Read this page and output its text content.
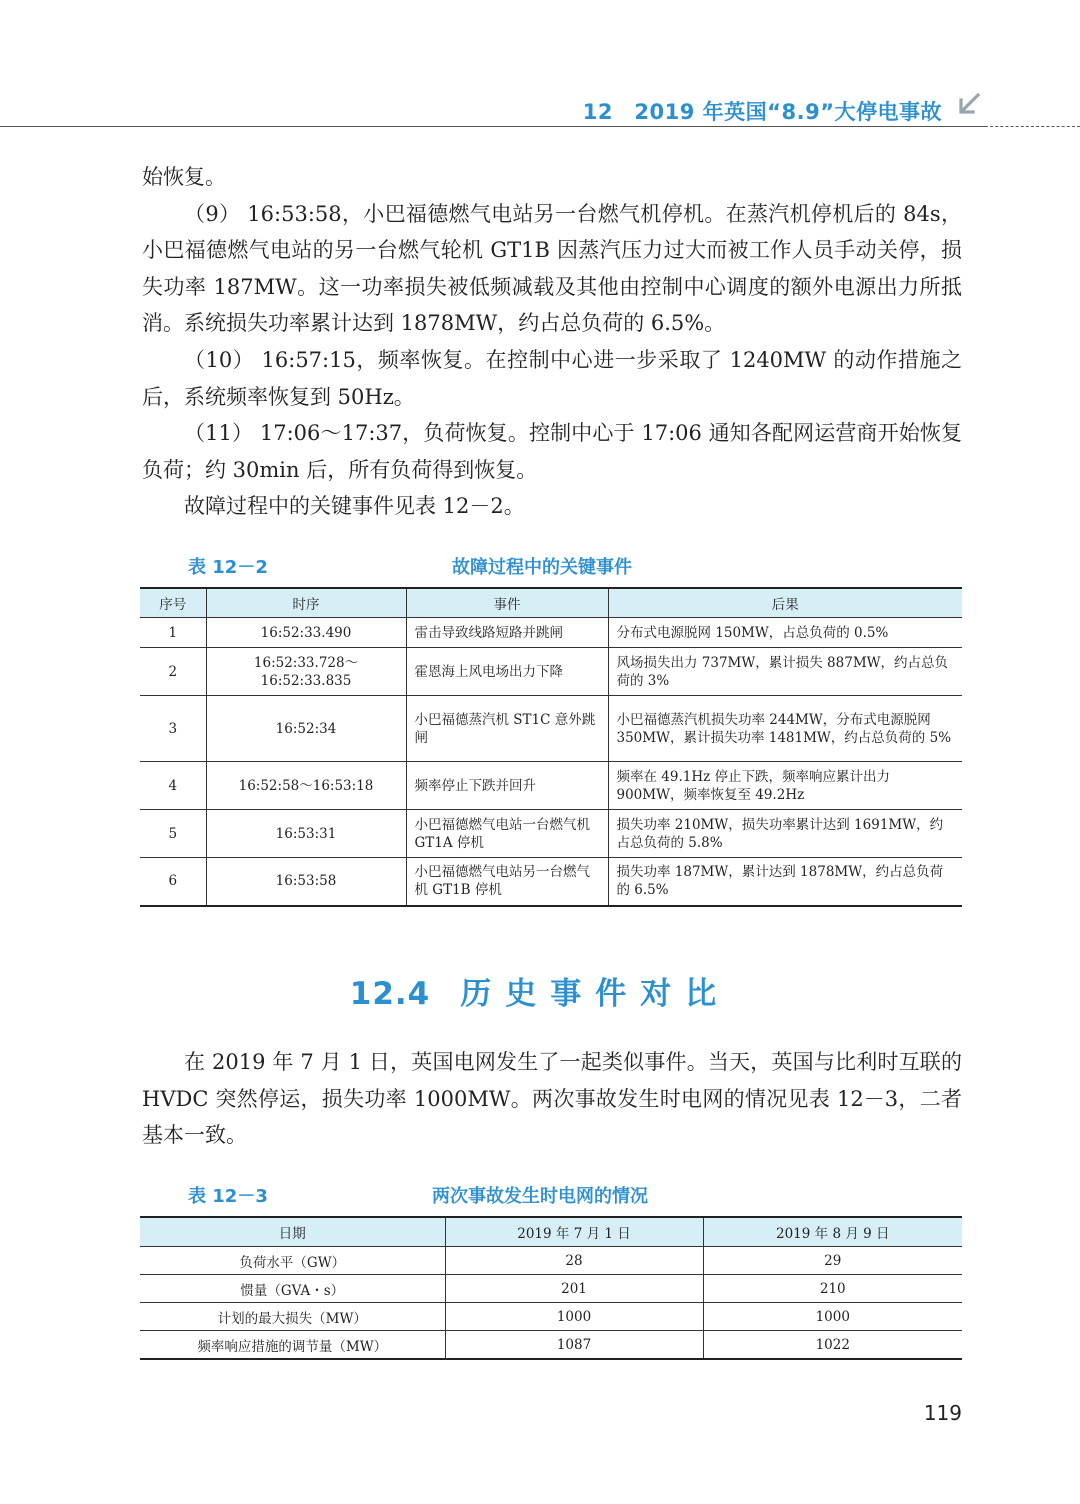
12　2019 年英国“8.9”大停电事故

始恢复。

（9） 16:53:58，小巴福德燃气电站另一台燃气机停机。在蒸汽机停机后的 84s，小巴福德燃气电站的另一台燃气轮机 GT1B 因蒸汽压力过大而被工作人员手动关停，损失功率 187MW。这一功率损失被低频减载及其他由控制中心调度的额外电源出力所抵消。系统损失功率累计达到 1878MW，约占总负荷的 6.5%。

（10） 16:57:15，频率恢复。在控制中心进一步采取了 1240MW 的动作措施之后，系统频率恢复到 50Hz。

（11） 17:06～17:37，负荷恢复。控制中心于 17:06 通知各配网运营商开始恢复负荷；约 30min 后，所有负荷得到恢复。

故障过程中的关键事件见表 12－2。

表 12－2	故障过程中的关键事件
序号	时序	事件	后果
1	16:52:33.490	雷击导致线路短路并跳闸	分布式电源脱网 150MW，占总负荷的 0.5%
2	16:52:33.728～16:52:33.835	霍恩海上风电场出力下降	风场损失出力 737MW，累计损失 887MW，约占总负荷的 3%
3	16:52:34	小巴福德蒸汽机 ST1C 意外跳闸	小巴福德蒸汽机损失功率 244MW，分布式电源脱网 350MW，累计损失功率 1481MW，约占总负荷的 5%
4	16:52:58～16:53:18	频率停止下跌并回升	频率在 49.1Hz 停止下跌，频率响应累计出力 900MW，频率恢复至 49.2Hz
5	16:53:31	小巴福德燃气电站一台燃气机 GT1A 停机	损失功率 210MW，损失功率累计达到 1691MW，约占总负荷的 5.8%
6	16:53:58	小巴福德燃气电站另一台燃气机 GT1B 停机	损失功率 187MW，累计达到 1878MW，约占总负荷的 6.5%
12.4 历史事件对比

在 2019 年 7 月 1 日，英国电网发生了一起类似事件。当天，英国与比利时互联的 HVDC 突然停运，损失功率 1000MW。两次事故发生时电网的情况见表 12－3，二者基本一致。

表 12－3	两次事故发生时电网的情况
日期	2019 年 7 月 1 日	2019 年 8 月 9 日
负荷水平（GW）	28	29
惯量（GVA・s）	201	210
计划的最大损失（MW）	1000	1000
频率响应措施的调节量（MW）	1087	1022
119
